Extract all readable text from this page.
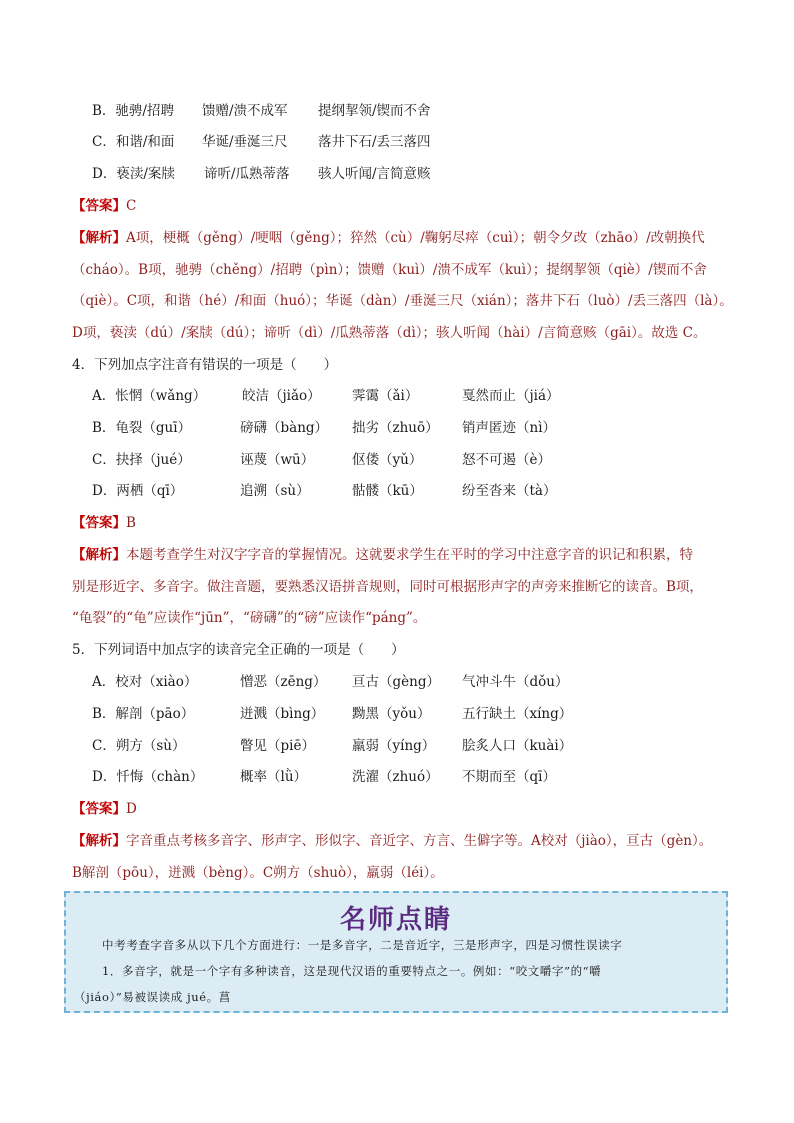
B．驰骋/招聘 馈赠/溃不成军 提纲挈领/锲而不舍
C．和谐/和面 华诞/垂涎三尺 落井下石/丢三落四
D．亵渎/案牍 谛听/瓜熟蒂落 骇人听闻/言简意赅
【答案】C
【解析】A项，梗概（gěng）/哽咽（gěng）；猝然（cù）/鞠躬尽瘁（cuì）；朝令夕改（zhāo）/改朝换代
（cháo）。B项，驰骋（chěng）/招聘（pìn）；馈赠（kuì）/溃不成军（kuì）；提纲挈领（qiè）/锲而不舍
（qiè）。C项，和谐（hé）/和面（huó）；华诞（dàn）/垂涎三尺（xián）；落井下石（luò）/丢三落四（là）。
D项，亵渎（dú）/案牍（dú）；谛听（dì）/瓜熟蒂落（dì）；骇人听闻（hài）/言简意赅（gāi）。故选 C。
4．下列加点字注音有错误的一项是（　　）
A．怅惘（wǎng）	皎洁（jiǎo） 霁霭（ǎi）	戛然而止（jiá）
B．龟裂（guī）	磅礴（bàng） 拙劣（zhuō） 销声匿迹（nì）
C．抉择（jué）	诬蔑（wū）	伛偻（yǔ）	怒不可遏（è）
D．两栖（qī）	追溯（sù）	骷髅（kū）	纷至沓来（tà）
【答案】B
【解析】本题考查学生对汉字字音的掌握情况。这就要求学生在平时的学习中注意字音的识记和积累，特
别是形近字、多音字。做注音题，要熟悉汉语拼音规则，同时可根据形声字的声旁来推断它的读音。B项，
“龟裂”的“龟”应读作“jūn”，“磅礴”的“磅”应读作“páng”。
5．下列词语中加点字的读音完全正确的一项是（　　）
A．校对（xiào）	憎恶（zēng） 亘古（gèng） 气冲斗牛（dǒu）
B．解剖（pāo）	迸溅（bìng） 黝黑（yǒu） 五行缺土（xíng）
C．朔方（sù）	瞥见（piē）	羸弱（yíng） 脍炙人口（kuài）
D．忏悔（chàn）	概率（lǜ）	洗濯（zhuó） 不期而至（qī）
【答案】D
【解析】字音重点考核多音字、形声字、形似字、音近字、方言、生僻字等。A校对（jiào），亘古（gèn）。
B解剖（pōu），迸溅（bèng）。C朔方（shuò），羸弱（léi）。
名师点睛
中考考查字音多从以下几个方面进行：一是多音字，二是音近字，三是形声字，四是习惯性误读字
1．多音字，就是一个字有多种读音，这是现代汉语的重要特点之一。例如：“咬文嚼字”的“嚼
（jiáo）”易被误读成 jué。菖
